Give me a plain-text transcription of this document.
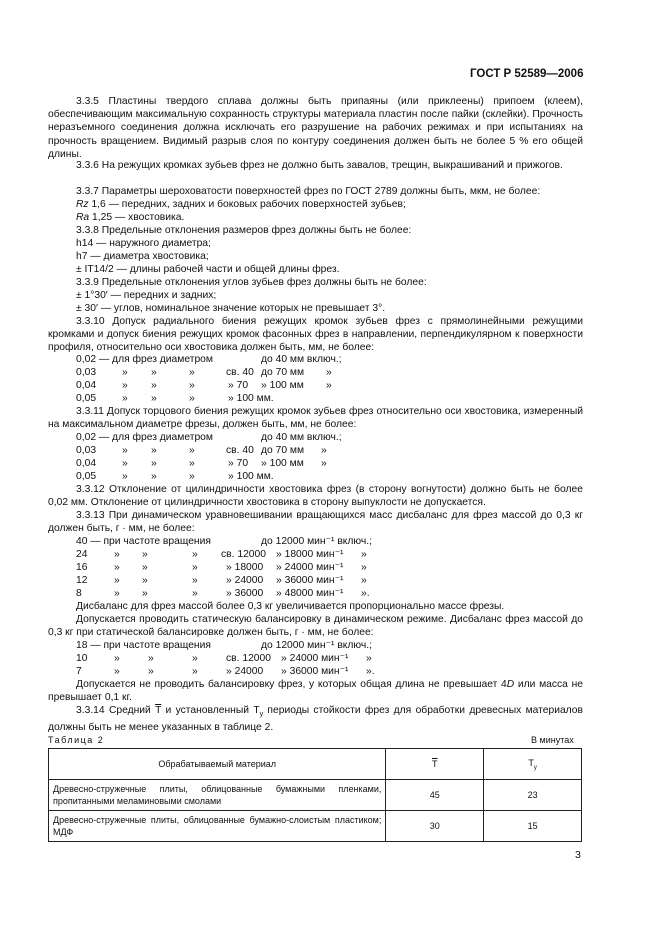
ГОСТ Р 52589—2006
3.3.5 Пластины твердого сплава должны быть припаяны (или приклеены) припоем (клеем), обеспечивающим максимальную сохранность структуры материала пластин после пайки (склейки). Прочность неразъемного соединения должна исключать его разрушение на рабочих режимах и при испытаниях на прочность вращением. Видимый разрыв слоя по контуру соединения должен быть не более 5 % его общей длины.
3.3.6 На режущих кромках зубьев фрез не должно быть завалов, трещин, выкрашиваний и прижогов.
3.3.7 Параметры шероховатости поверхностей фрез по ГОСТ 2789 должны быть, мкм, не более:
Rz 1,6 — передних, задних и боковых рабочих поверхностей зубьев;
Ra 1,25 — хвостовика.
3.3.8 Предельные отклонения размеров фрез должны быть не более:
h14 — наружного диаметра;
h7 — диаметра хвостовика;
± IT14/2 — длины рабочей части и общей длины фрез.
3.3.9 Предельные отклонения углов зубьев фрез должны быть не более:
± 1°30′ — передних и задних;
± 30′ — углов, номинальное значение которых не превышает 3°.
3.3.10 Допуск радиального биения режущих кромок зубьев фрез с прямолинейными режущими кромками и допуск биения режущих кромок фасонных фрез в направлении, перпендикулярном к поверхности профиля, относительно оси хвостовика должен быть, мм, не более:
0,02 — для фрез диаметром	до 40 мм включ.;
0,03	» »	»	св. 40 до 70 мм »
0,04	» »	»	» 70 » 100 мм »
0,05	» »	»	» 100 мм.
3.3.11 Допуск торцового биения режущих кромок зубьев фрез относительно оси хвостовика, измеренный на максимальном диаметре фрезы, должен быть, мм, не более:
0,02 — для фрез диаметром	до 40 мм включ.;
0,03	» »	»	св. 40 до 70 мм »
0,04	» »	»	» 70 » 100 мм »
0,05	» »	»	» 100 мм.
3.3.12 Отклонение от цилиндричности хвостовика фрез (в сторону вогнутости) должно быть не более 0,02 мм. Отклонение от цилиндричности хвостовика в сторону выпуклости не допускается.
3.3.13 При динамическом уравновешивании вращающихся масс дисбаланс для фрез массой до 0,3 кг должен быть, г · мм, не более:
40 — при частоте вращения	до 12000 мин⁻¹ включ.;
24	» »	» св. 12000 » 18000 мин⁻¹ »
16	» »	»	» 18000 » 24000 мин⁻¹ »
12	» »	»	» 24000 » 36000 мин⁻¹ »
8	» »	»	» 36000 » 48000 мин⁻¹ ».
Дисбаланс для фрез массой более 0,3 кг увеличивается пропорционально массе фрезы.
Допускается проводить статическую балансировку в динамическом режиме. Дисбаланс фрез массой до 0,3 кг при статической балансировке должен быть, г · мм, не более:
18 — при частоте вращения	до 12000 мин⁻¹ включ.;
10	»	»	»	св. 12000 » 24000 мин⁻¹ »
7	»	»	»	» 24000 » 36000 мин⁻¹ ».
Допускается не проводить балансировку фрез, у которых общая длина не превышает 4D или масса не превышает 0,1 кг.
3.3.14 Средний $\overline{T}$ и установленный $T_у$ периоды стойкости фрез для обработки древесных материалов должны быть не менее указанных в таблице 2.
Таблица 2	В минутах
Обрабатываемый материал	$\overline{T}$	$T_у$
Древесно-стружечные плиты, облицованные бумажными пленками, пропитанными меламиновыми смолами	45	23
Древесно-стружечные плиты, облицованные бумажно-слоистым пластиком; МДФ	30	15
3
